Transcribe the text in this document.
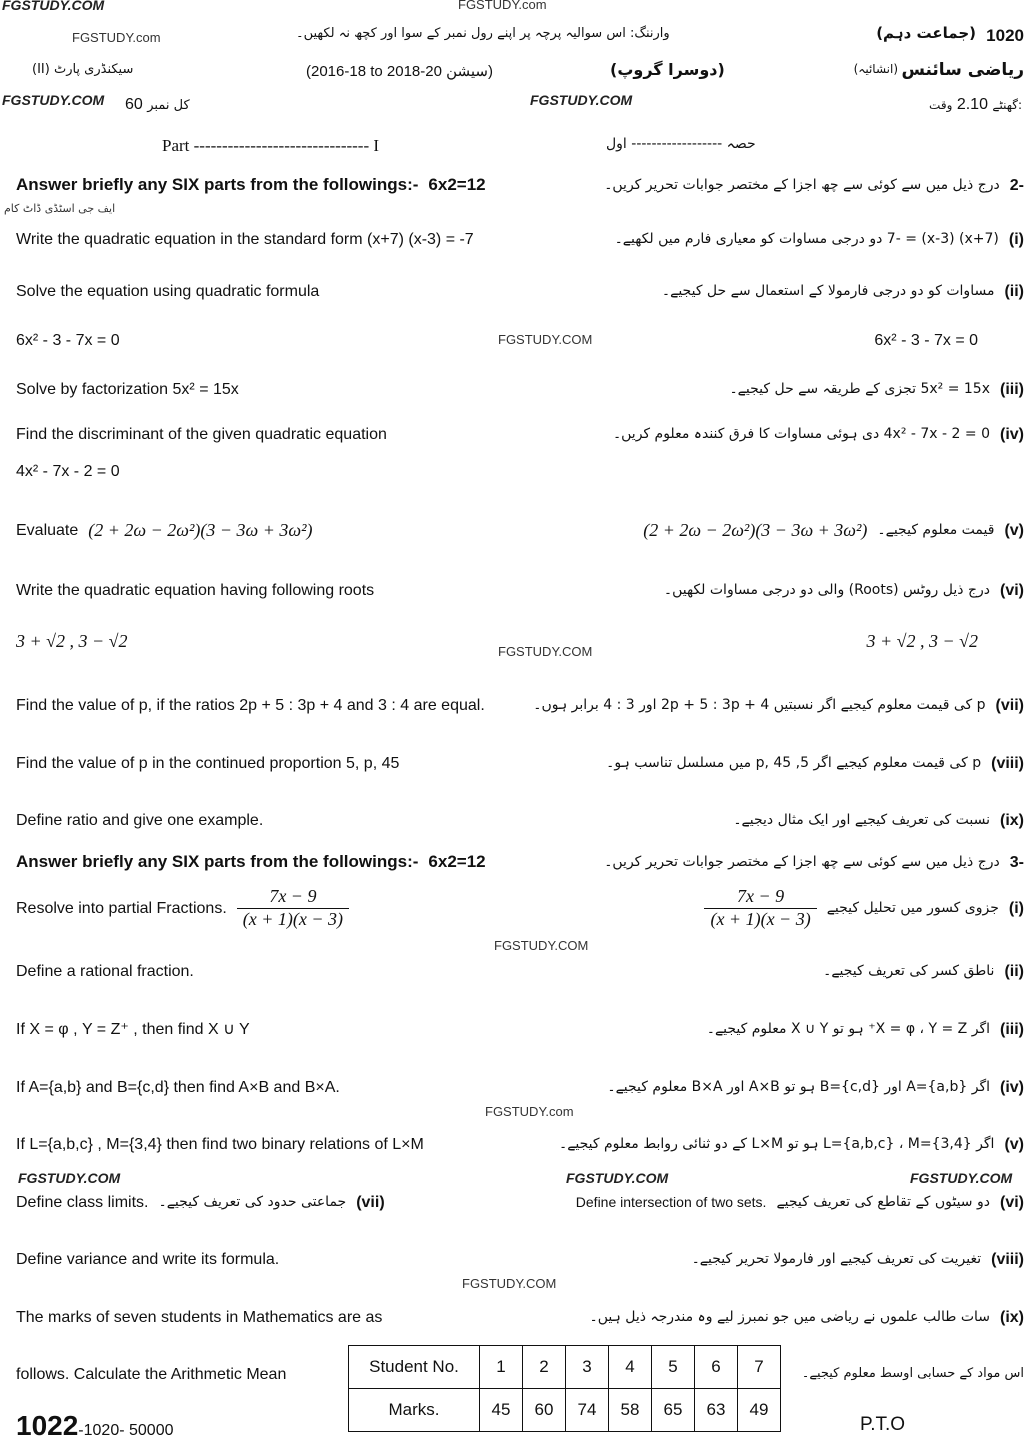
FGSTUDY.COM	FGSTUDY.com
FGSTUDY.COM	FGSTUDY.COM
FGSTUDY.com
FGSTUDY.COM
FGSTUDY.COM
FGSTUDY.COM
FGSTUDY.com
FGSTUDY.COM	FGSTUDY.COM	FGSTUDY.COM
FGSTUDY.COM
ایف جی اسٹڈی ڈاٹ کام
1020
(جماعت دہم)
وارننگ: اس سوالیہ پرچہ پر اپنے رول نمبر کے سوا اور کچھ نہ لکھیں۔
ریاضی سائنس
(انشائیہ)
(دوسرا گروپ)
(2016-18 to 2018-20 سیشن)
سیکنڈری پارٹ (II)
60 کل نمبر	گھنٹے 2.10 وقت:
Part ------------------------------- I	حصہ ------------------ اول
Answer briefly any SIX parts from the followings:- 6x2=12	درج ذیل میں سے کوئی سے چھ اجزا کے مختصر جوابات تحریر کریں۔ 2-
Answer briefly any SIX parts from the followings:- 6x2=12	درج ذیل میں سے کوئی سے چھ اجزا کے مختصر جوابات تحریر کریں۔ 3-
Write the quadratic equation in the standard form (x+7) (x-3) = -7	(x+7) (x-3) = -7 دو درجی مساوات کو معیاری فارم میں لکھیے۔ (i)
Solve the equation using quadratic formula	مساوات کو دو درجی فارمولا کے استعمال سے حل کیجیے۔ (ii)
Solve by factorization 5x² = 15x	5x² = 15x تجزی کے طریقہ سے حل کیجیے۔ (iii)
Find the discriminant of the given quadratic equation	4x² - 7x - 2 = 0 دی ہوئی مساوات کا فرق کنندہ معلوم کریں۔ (iv)
Evaluate (2 + 2ω − 2ω²)(3 − 3ω + 3ω²)	(2 + 2ω − 2ω²)(3 − 3ω + 3ω²) قیمت معلوم کیجیے۔ (v)
Write the quadratic equation having following roots	درج ذیل روٹس (Roots) والی دو درجی مساوات لکھیں۔ (vi)
Find the value of p, if the ratios 2p + 5 : 3p + 4 and 3 : 4 are equal.	p کی قیمت معلوم کیجیے اگر نسبتیں 2p + 5 : 3p + 4 اور 3 : 4 برابر ہوں۔ (vii)
Find the value of p in the continued proportion 5, p, 45	p کی قیمت معلوم کیجیے اگر 5, p, 45 میں مسلسل تناسب ہو۔ (viii)
Define ratio and give one example.	نسبت کی تعریف کیجیے اور ایک مثال دیجیے۔ (ix)
6x² - 3 - 7x = 0	6x² - 3 - 7x = 0
4x² - 7x - 2 = 0
3 + √2 , 3 − √2	3 + √2 , 3 − √2
Resolve into partial Fractions. $\frac{7x - 9}{(x + 1)(x - 3)}$	$\frac{7x - 9}{(x + 1)(x - 3)}$ جزوی کسور میں تحلیل کیجیے (i)
Define a rational fraction.	ناطق کسر کی تعریف کیجیے۔ (ii)
If X = φ , Y = Z⁺ , then find X ∪ Y	اگر X = φ ، Y = Z⁺ ہو تو X ∪ Y معلوم کیجیے۔ (iii)
If A={a,b} and B={c,d} then find A×B and B×A.	اگر A={a,b} اور B={c,d} ہو تو A×B اور B×A معلوم کیجیے۔ (iv)
If L={a,b,c} , M={3,4} then find two binary relations of L×M	اگر L={a,b,c} ، M={3,4} ہو تو L×M کے دو ثنائی روابط معلوم کیجیے۔ (v)
Define variance and write its formula.	تغیریت کی تعریف کیجیے اور فارمولا تحریر کیجیے۔ (viii)
The marks of seven students in Mathematics are as	سات طالب علموں نے ریاضی میں جو نمبرز لیے وہ مندرجہ ذیل ہیں۔ (ix)
Define class limits. جماعتی حدود کی تعریف کیجیے۔ (vii)	Define intersection of two sets. دو سیٹوں کے تقاطع کی تعریف کیجیے (vi)
follows. Calculate the Arithmetic Mean	اس مواد کے حسابی اوسط معلوم کیجیے۔
Student No.	1	2	3	4	5	6	7
Marks.	45	60	74	58	65	63	49
1022-1020- 50000	P.T.O
